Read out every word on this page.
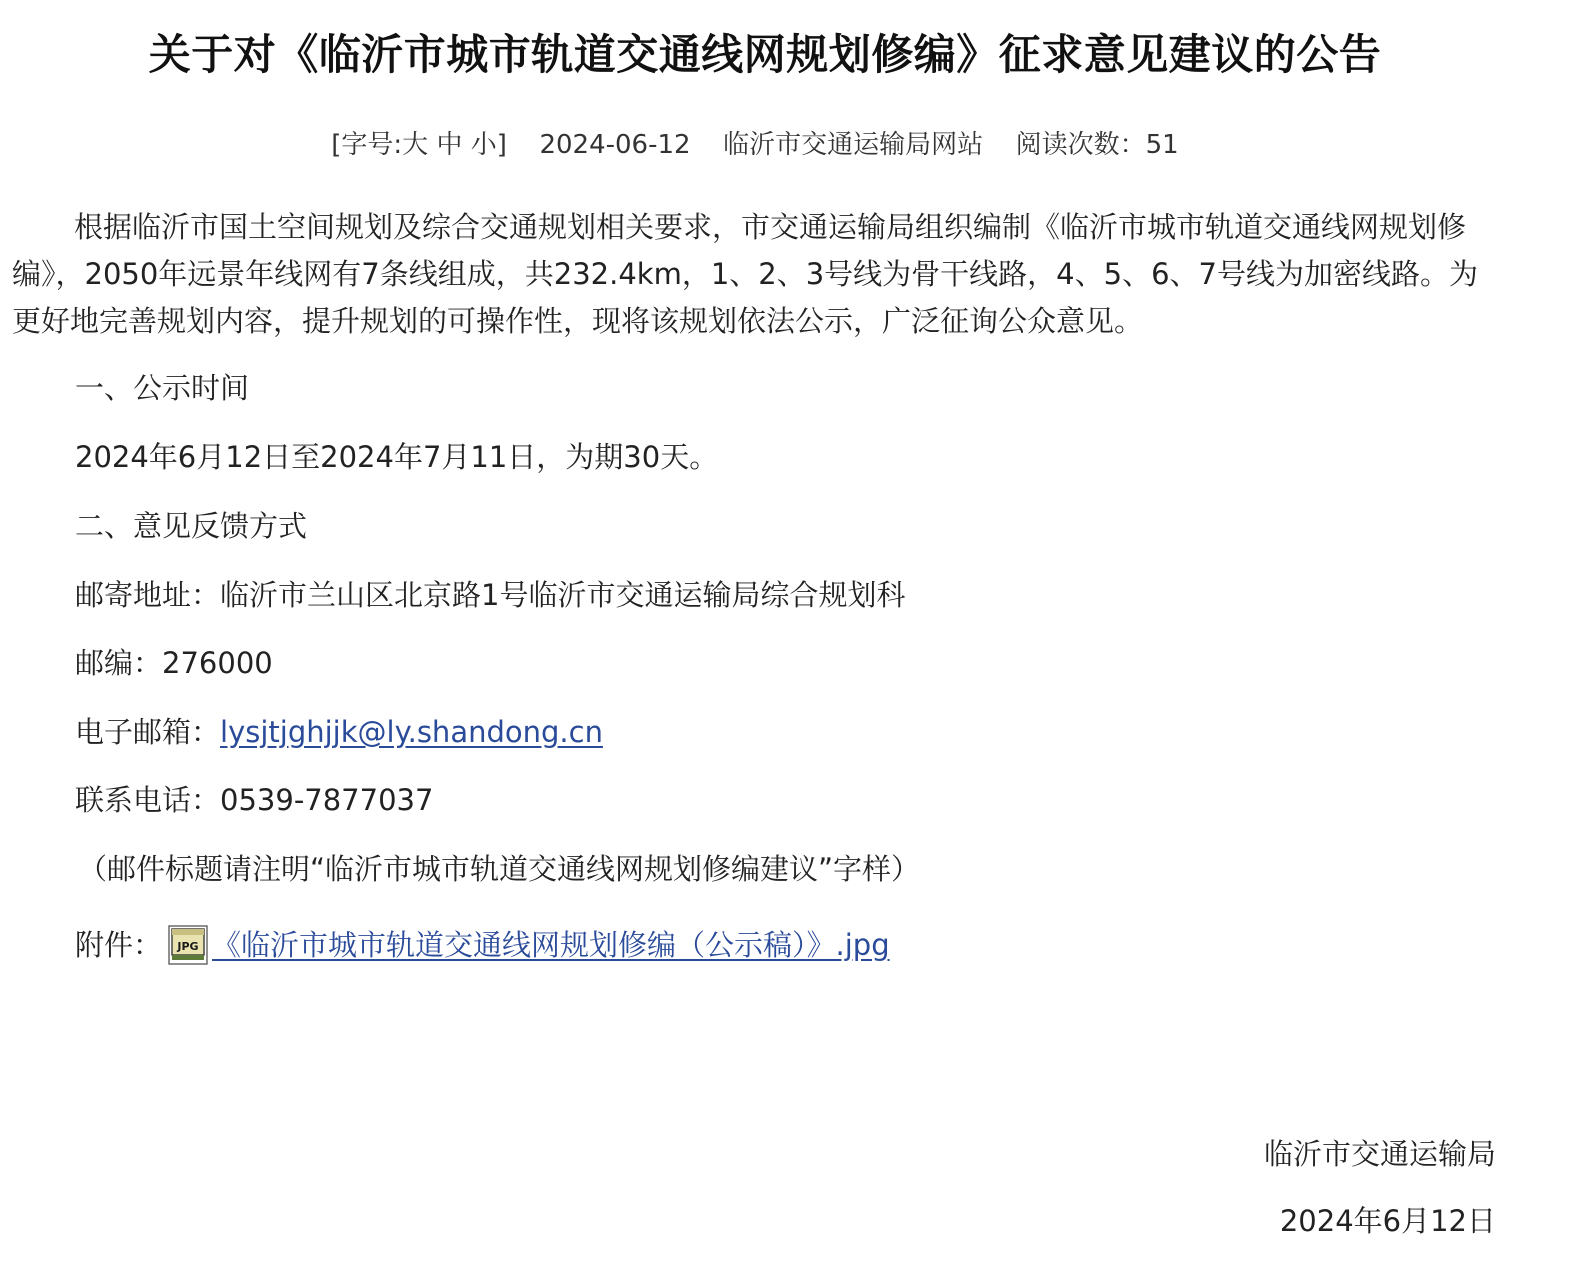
关于对《临沂市城市轨道交通线网规划修编》征求意见建议的公告
[字号:大 中 小] 2024-06-12 临沂市交通运输局网站 阅读次数：51

根据临沂市国土空间规划及综合交通规划相关要求，市交通运输局组织编制《临沂市城市轨道交通线网规划修编》，2050年远景年线网有7条线组成，共232.4km，1、2、3号线为骨干线路，4、5、6、7号线为加密线路。为更好地完善规划内容，提升规划的可操作性，现将该规划依法公示，广泛征询公众意见。

一、公示时间
2024年6月12日至2024年7月11日，为期30天。
二、意见反馈方式
邮寄地址：临沂市兰山区北京路1号临沂市交通运输局综合规划科
邮编：276000
电子邮箱：lysjtjghjjk@ly.shandong.cn
联系电话：0539-7877037
（邮件标题请注明“临沂市城市轨道交通线网规划修编建议”字样）
附件： JPG 《临沂市城市轨道交通线网规划修编（公示稿）》.jpg
临沂市交通运输局
2024年6月12日
